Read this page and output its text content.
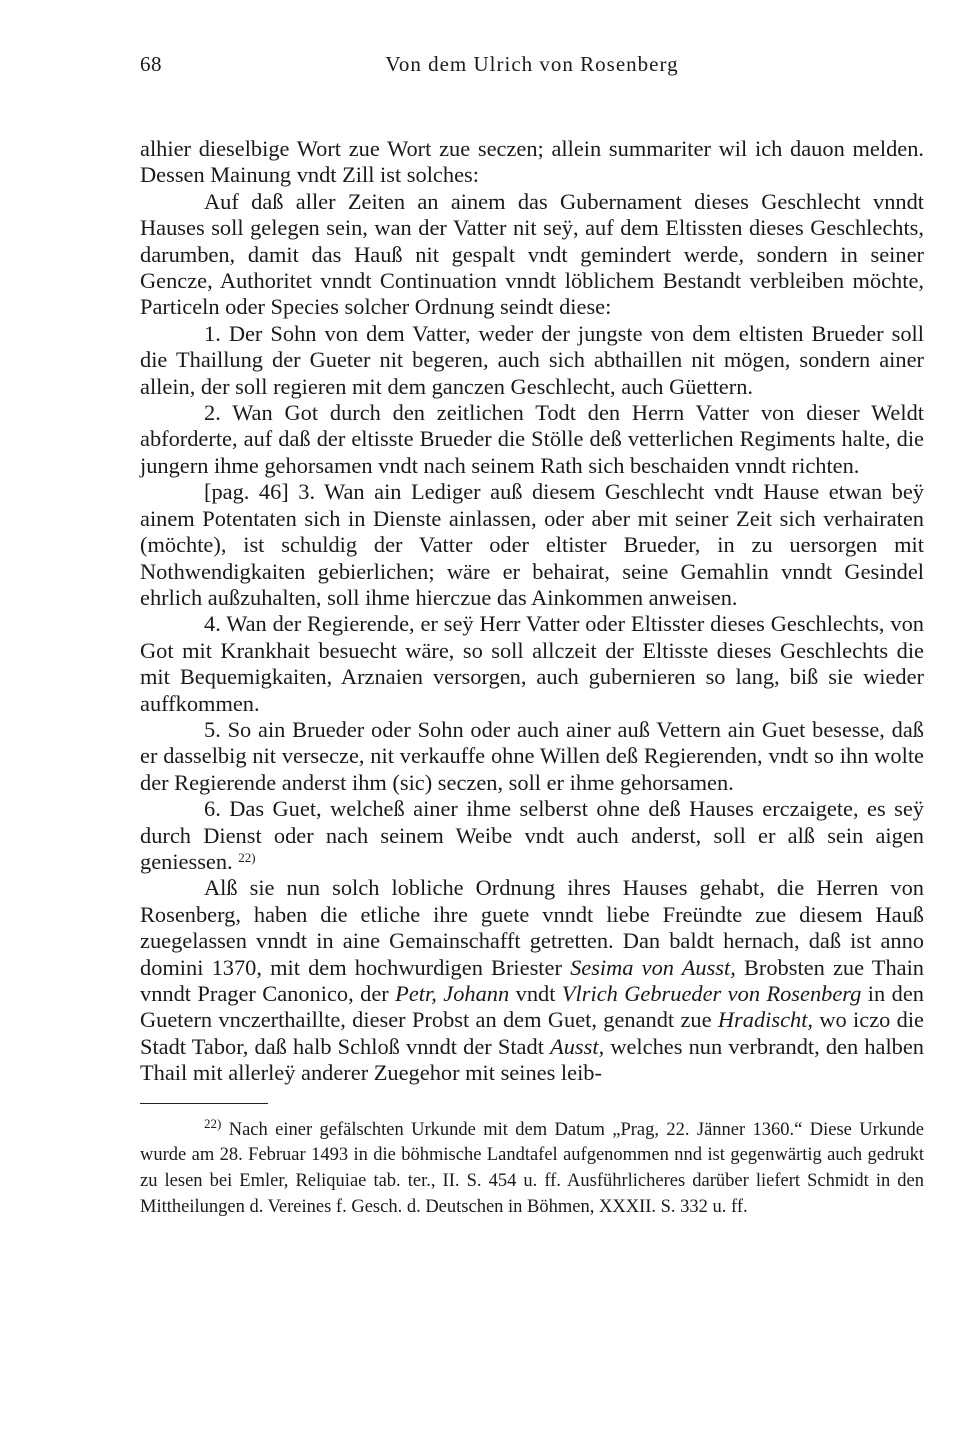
68	Von dem Ulrich von Rosenberg

alhier dieselbige Wort zue Wort zue seczen; allein summariter wil ich dauon melden. Dessen Mainung vndt Zill ist solches:

Auf daß aller Zeiten an ainem das Gubernament dieses Geschlecht vnndt Hauses soll gelegen sein, wan der Vatter nit seÿ, auf dem Eltissten dieses Geschlechts, darumben, damit das Hauß nit gespalt vndt gemindert werde, sondern in seiner Gencze, Authoritet vnndt Continuation vnndt löblichem Bestandt verbleiben möchte, Particeln oder Species solcher Ordnung seindt diese:

1. Der Sohn von dem Vatter, weder der jungste von dem eltisten Brueder soll die Thaillung der Gueter nit begeren, auch sich abthaillen nit mögen, sondern ainer allein, der soll regieren mit dem ganczen Geschlecht, auch Güettern.

2. Wan Got durch den zeitlichen Todt den Herrn Vatter von dieser Weldt abforderte, auf daß der eltisste Brueder die Stölle deß vetterlichen Regiments halte, die jungern ihme gehorsamen vndt nach seinem Rath sich beschaiden vnndt richten.

[pag. 46] 3. Wan ain Lediger auß diesem Geschlecht vndt Hause etwan beÿ ainem Potentaten sich in Dienste ainlassen, oder aber mit seiner Zeit sich verhairaten (möchte), ist schuldig der Vatter oder eltister Brueder, in zu uersorgen mit Nothwendigkaiten gebierlichen; wäre er behairat, seine Gemahlin vnndt Gesindel ehrlich außzuhalten, soll ihme hierczue das Ainkommen anweisen.

4. Wan der Regierende, er seÿ Herr Vatter oder Eltisster dieses Geschlechts, von Got mit Krankhait besuecht wäre, so soll allczeit der Eltisste dieses Geschlechts die mit Bequemigkaiten, Arznaien versorgen, auch gubernieren so lang, biß sie wieder auffkommen.

5. So ain Brueder oder Sohn oder auch ainer auß Vettern ain Guet besesse, daß er dasselbig nit versecze, nit verkauffe ohne Willen deß Regierenden, vndt so ihn wolte der Regierende anderst ihm (sic) seczen, soll er ihme gehorsamen.

6. Das Guet, welcheß ainer ihme selberst ohne deß Hauses erczaigete, es seÿ durch Dienst oder nach seinem Weibe vndt auch anderst, soll er alß sein aigen geniessen. $^{22)}$

Alß sie nun solch lobliche Ordnung ihres Hauses gehabt, die Herren von Rosenberg, haben die etliche ihre guete vnndt liebe Freündte zue diesem Hauß zuegelassen vnndt in aine Gemainschafft getretten. Dan baldt hernach, daß ist anno domini 1370, mit dem hochwurdigen Briester Sesima von Ausst, Brobsten zue Thain vnndt Prager Canonico, der Petr, Johann vndt Vlrich Gebrueder von Rosenberg in den Guetern vnczerthaillte, dieser Probst an dem Guet, genandt zue Hradischt, wo iczo die Stadt Tabor, daß halb Schloß vnndt der Stadt Ausst, welches nun verbrandt, den halben Thail mit allerleÿ anderer Zuegehor mit seines leib-

$^{22)}$ Nach einer gefälschten Urkunde mit dem Datum „Prag, 22. Jänner 1360.“ Diese Urkunde wurde am 28. Februar 1493 in die böhmische Landtafel aufgenommen nnd ist gegenwärtig auch gedrukt zu lesen bei Emler, Reliquiae tab. ter., II. S. 454 u. ff. Ausführlicheres darüber liefert Schmidt in den Mittheilungen d. Vereines f. Gesch. d. Deutschen in Böhmen, XXXII. S. 332 u. ff.
